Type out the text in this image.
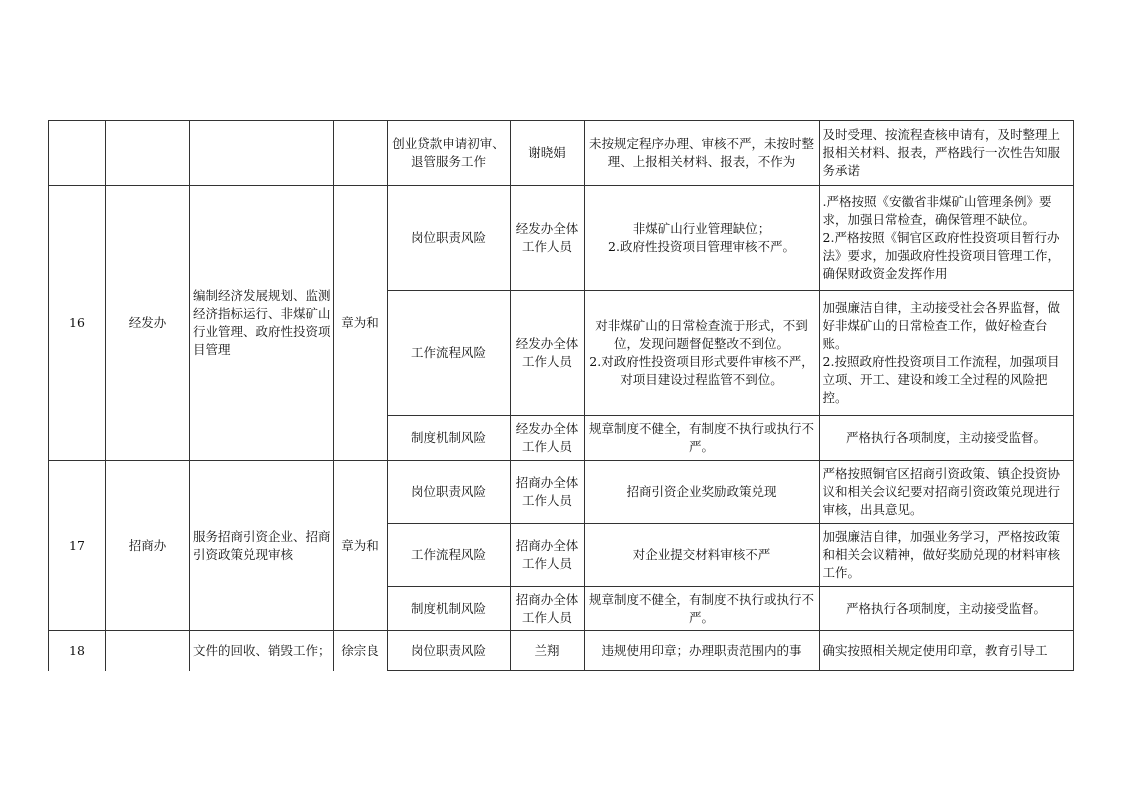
				创业贷款申请初审、退管服务工作	谢晓娟	未按规定程序办理、审核不严，未按时整理、上报相关材料、报表，不作为	及时受理、按流程查核申请有，及时整理上报相关材料、报表，严格践行一次性告知服务承诺
16	经发办	编制经济发展规划、监测经济指标运行、非煤矿山行业管理、政府性投资项目管理	章为和	岗位职责风险	经发办全体工作人员	非煤矿山行业管理缺位；
2.政府性投资项目管理审核不严。	.严格按照《安徽省非煤矿山管理条例》要求，加强日常检查，确保管理不缺位。
2.严格按照《铜官区政府性投资项目暂行办法》要求，加强政府性投资项目管理工作，确保财政资金发挥作用
				工作流程风险	经发办全体工作人员	对非煤矿山的日常检查流于形式，不到位，发现问题督促整改不到位。
2.对政府性投资项目形式要件审核不严，对项目建设过程监管不到位。	加强廉洁自律，主动接受社会各界监督，做好非煤矿山的日常检查工作，做好检查台账。
2.按照政府性投资项目工作流程，加强项目立项、开工、建设和竣工全过程的风险把控。
				制度机制风险	经发办全体工作人员	规章制度不健全，有制度不执行或执行不严。	严格执行各项制度，主动接受监督。
17	招商办	服务招商引资企业、招商引资政策兑现审核	章为和	岗位职责风险	招商办全体工作人员	招商引资企业奖励政策兑现	严格按照铜官区招商引资政策、镇企投资协议和相关会议纪要对招商引资政策兑现进行审核，出具意见。
				工作流程风险	招商办全体工作人员	对企业提交材料审核不严	加强廉洁自律，加强业务学习，严格按政策和相关会议精神，做好奖励兑现的材料审核工作。
				制度机制风险	招商办全体工作人员	规章制度不健全，有制度不执行或执行不严。	严格执行各项制度，主动接受监督。
18		文件的回收、销毁工作；	徐宗良	岗位职责风险	兰翔	违规使用印章；办理职责范围内的事	确实按照相关规定使用印章，教育引导工
